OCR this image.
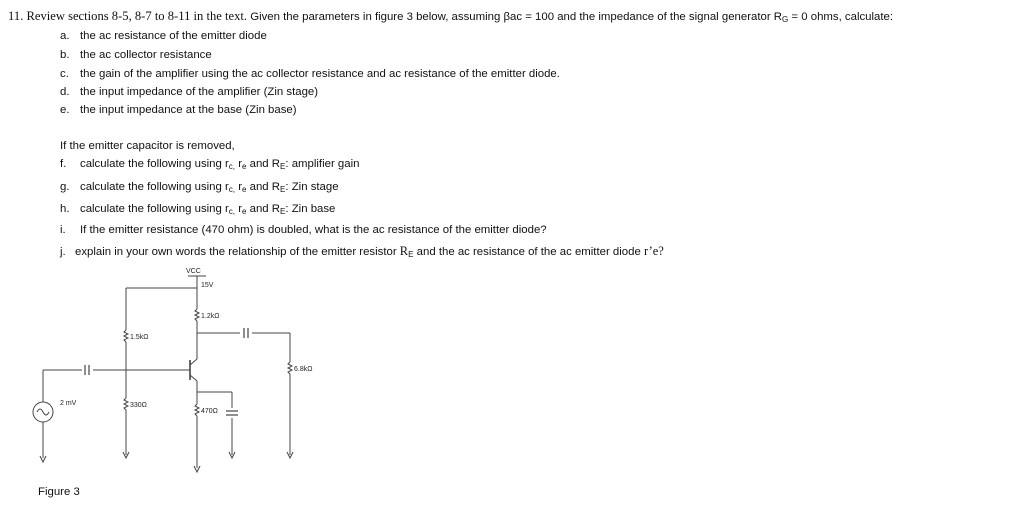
11. Review sections 8-5, 8-7 to 8-11 in the text. Given the parameters in figure 3 below, assuming βac = 100 and the impedance of the signal generator $R_G = 0$ ohms, calculate:
a. the ac resistance of the emitter diode
b. the ac collector resistance
c. the gain of the amplifier using the ac collector resistance and ac resistance of the emitter diode.
d. the input impedance of the amplifier (Zin stage)
e. the input impedance at the base (Zin base)
If the emitter capacitor is removed,
f. calculate the following using $r_{c,}$ $r_e$ and $R_E$: amplifier gain
g. calculate the following using $r_{c,}$ $r_e$ and $R_E$: Zin stage
h. calculate the following using $r_{c,}$ $r_e$ and $R_E$: Zin base
i. If the emitter resistance (470 ohm) is doubled, what is the ac resistance of the emitter diode?
j. explain in your own words the relationship of the emitter resistor $R_E$ and the ac resistance of the ac emitter diode r’e?
VCC
15V
1.2kΩ
1.5kΩ
6.8kΩ
2 mV	330Ω
470Ω
Figure 3
